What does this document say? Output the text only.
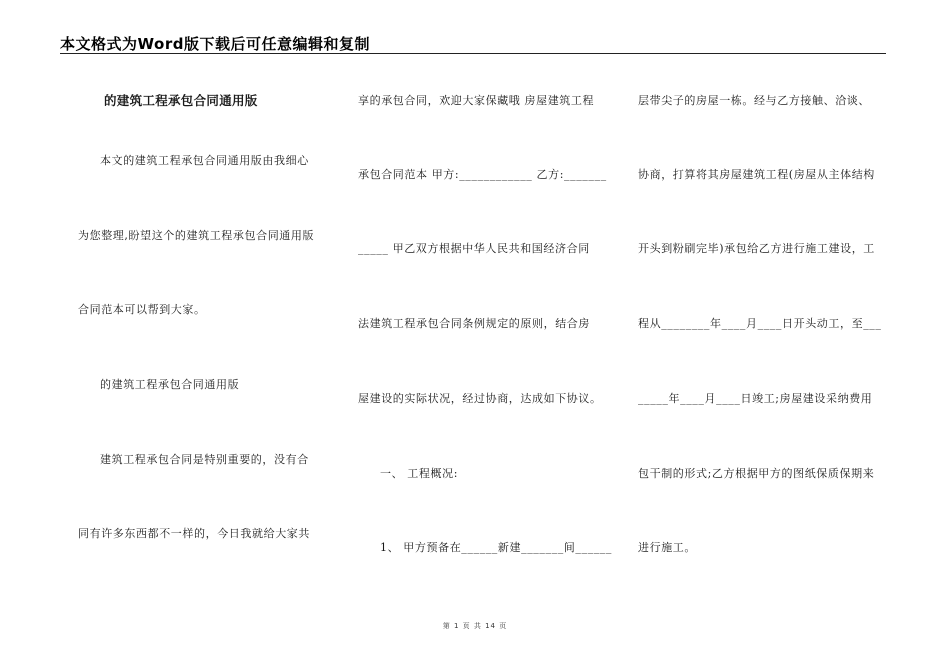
本文格式为Word版下载后可任意编辑和复制
的建筑工程承包合同通用版
本文的建筑工程承包合同通用版由我细心
为您整理,盼望这个的建筑工程承包合同通用版
合同范本可以帮到大家。
的建筑工程承包合同通用版
建筑工程承包合同是特别重要的，没有合
同有许多东西都不一样的，今日我就给大家共
享的承包合同，欢迎大家保藏哦 房屋建筑工程
承包合同范本 甲方:____________ 乙方:_______
_____ 甲乙双方根据中华人民共和国经济合同
法建筑工程承包合同条例规定的原则，结合房
屋建设的实际状况，经过协商，达成如下协议。
一、 工程概况:
1、 甲方预备在______新建_______间______
层带尖子的房屋一栋。经与乙方接触、洽谈、
协商，打算将其房屋建筑工程(房屋从主体结构
开头到粉刷完毕)承包给乙方进行施工建设，工
程从________年____月____日开头动工，至___
_____年____月____日竣工;房屋建设采纳费用
包干制的形式;乙方根据甲方的图纸保质保期来
进行施工。
第 1 页 共 14 页
